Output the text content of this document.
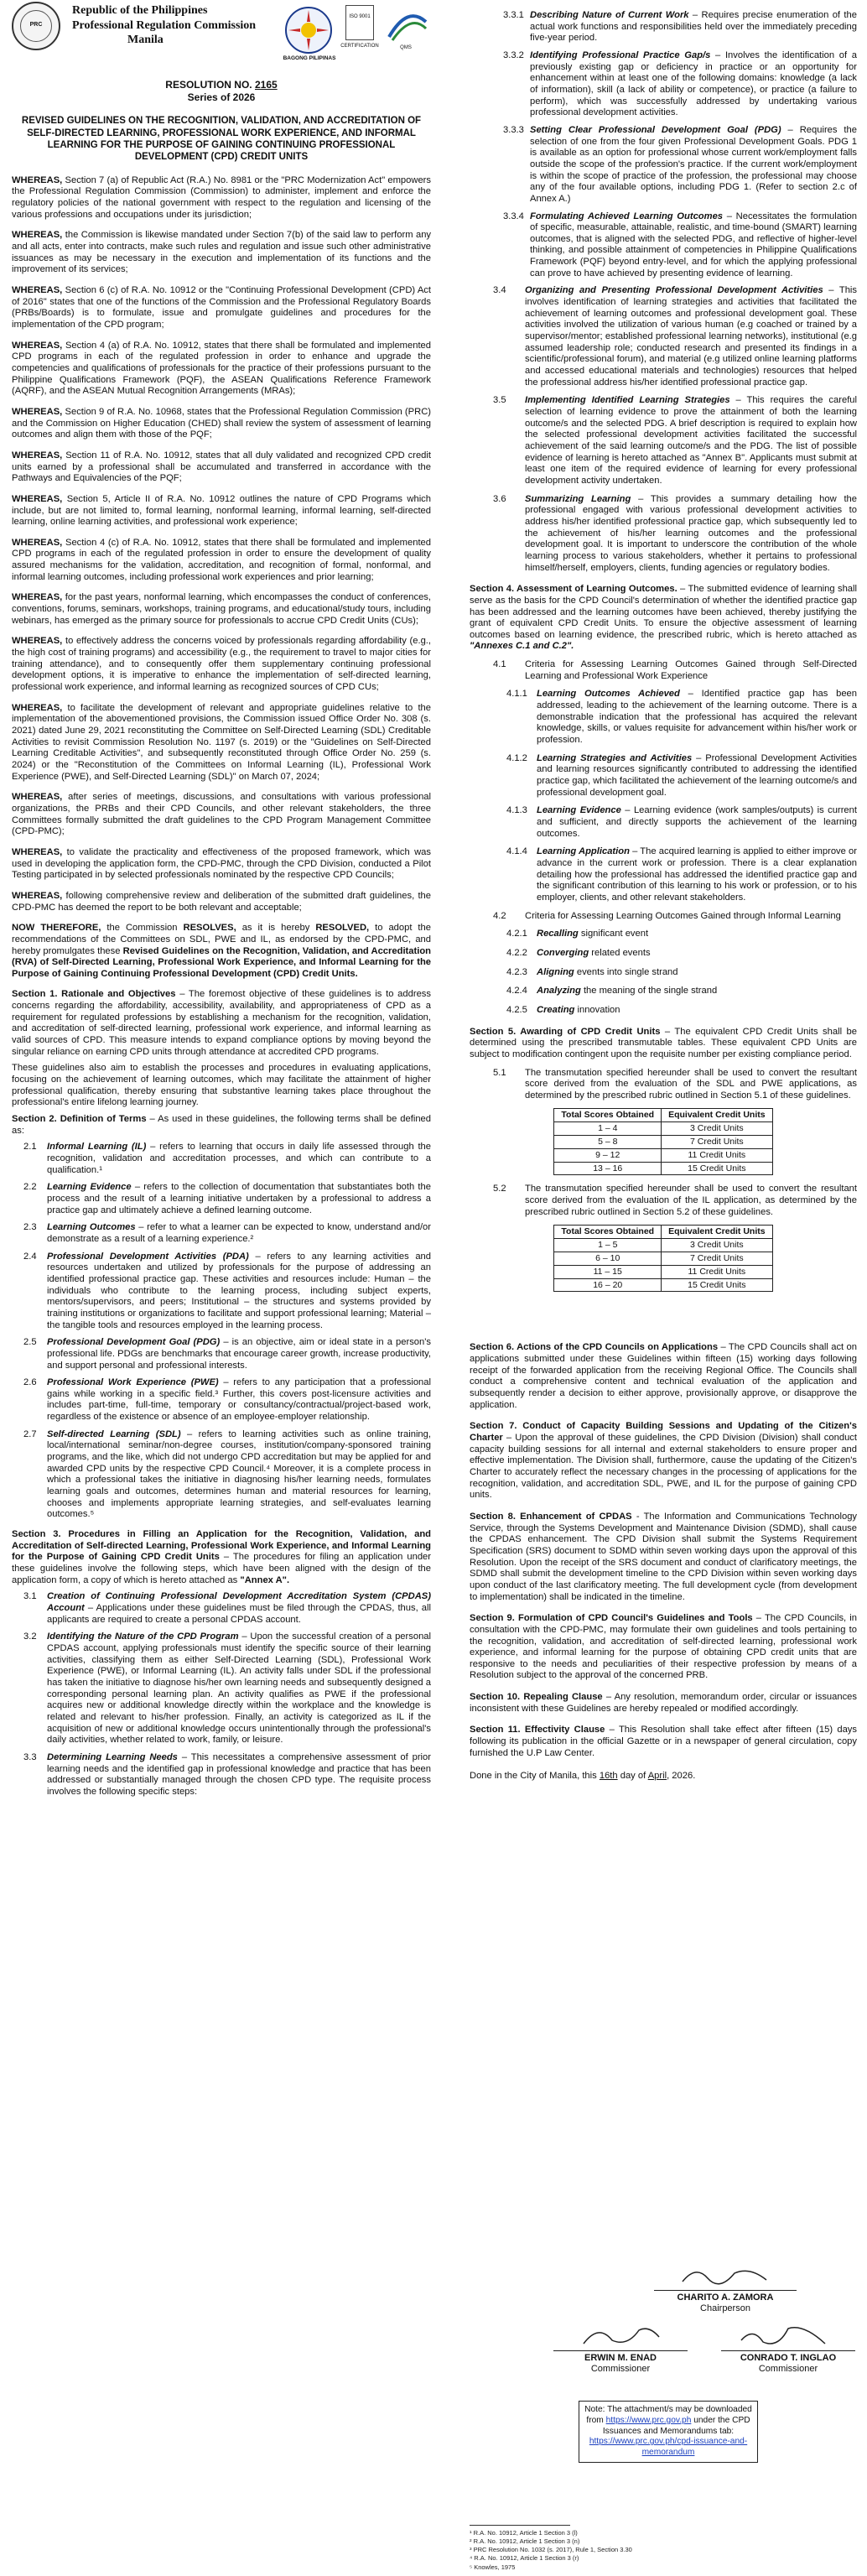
PRC
Republic of the Philippines
Professional Regulation Commission
Manila
BAGONG PILIPINAS
ISO 9001
CERTIFICATION	QMS
RESOLUTION NO. 2165
Series of 2026
REVISED GUIDELINES ON THE RECOGNITION, VALIDATION, AND ACCREDITATION OF SELF-DIRECTED LEARNING, PROFESSIONAL WORK EXPERIENCE, AND INFORMAL LEARNING FOR THE PURPOSE OF GAINING CONTINUING PROFESSIONAL DEVELOPMENT (CPD) CREDIT UNITS

WHEREAS, Section 7 (a) of Republic Act (R.A.) No. 8981 or the "PRC Modernization Act" empowers the Professional Regulation Commission (Commission) to administer, implement and enforce the regulatory policies of the national government with respect to the regulation and licensing of the various professions and occupations under its jurisdiction;

WHEREAS, the Commission is likewise mandated under Section 7(b) of the said law to perform any and all acts, enter into contracts, make such rules and regulation and issue such other administrative issuances as may be necessary in the execution and implementation of its functions and the improvement of its services;

WHEREAS, Section 6 (c) of R.A. No. 10912 or the "Continuing Professional Development (CPD) Act of 2016" states that one of the functions of the Commission and the Professional Regulatory Boards (PRBs/Boards) is to formulate, issue and promulgate guidelines and procedures for the implementation of the CPD program;

WHEREAS, Section 4 (a) of R.A. No. 10912, states that there shall be formulated and implemented CPD programs in each of the regulated profession in order to enhance and upgrade the competencies and qualifications of professionals for the practice of their professions pursuant to the Philippine Qualifications Framework (PQF), the ASEAN Qualifications Reference Framework (AQRF), and the ASEAN Mutual Recognition Arrangements (MRAs);

WHEREAS, Section 9 of R.A. No. 10968, states that the Professional Regulation Commission (PRC) and the Commission on Higher Education (CHED) shall review the system of assessment of learning outcomes and align them with those of the PQF;

WHEREAS, Section 11 of R.A. No. 10912, states that all duly validated and recognized CPD credit units earned by a professional shall be accumulated and transferred in accordance with the Pathways and Equivalencies of the PQF;

WHEREAS, Section 5, Article II of R.A. No. 10912 outlines the nature of CPD Programs which include, but are not limited to, formal learning, nonformal learning, informal learning, self-directed learning, online learning activities, and professional work experience;

WHEREAS, Section 4 (c) of R.A. No. 10912, states that there shall be formulated and implemented CPD programs in each of the regulated profession in order to ensure the development of quality assured mechanisms for the validation, accreditation, and recognition of formal, nonformal, and informal learning outcomes, including professional work experiences and prior learning;

WHEREAS, for the past years, nonformal learning, which encompasses the conduct of conferences, conventions, forums, seminars, workshops, training programs, and educational/study tours, including webinars, has emerged as the primary source for professionals to accrue CPD Credit Units (CUs);

WHEREAS, to effectively address the concerns voiced by professionals regarding affordability (e.g., the high cost of training programs) and accessibility (e.g., the requirement to travel to major cities for training attendance), and to consequently offer them supplementary continuing professional development options, it is imperative to enhance the implementation of self-directed learning, professional work experience, and informal learning as recognized sources of CPD CUs;

WHEREAS, to facilitate the development of relevant and appropriate guidelines relative to the implementation of the abovementioned provisions, the Commission issued Office Order No. 308 (s. 2021) dated June 29, 2021 reconstituting the Committee on Self-Directed Learning (SDL) Creditable Activities to revisit Commission Resolution No. 1197 (s. 2019) or the "Guidelines on Self-Directed Learning Creditable Activities", and subsequently reconstituted through Office Order No. 259 (s. 2024) or the "Reconstitution of the Committees on Informal Learning (IL), Professional Work Experience (PWE), and Self-Directed Learning (SDL)" on March 07, 2024;

WHEREAS, after series of meetings, discussions, and consultations with various professional organizations, the PRBs and their CPD Councils, and other relevant stakeholders, the three Committees formally submitted the draft guidelines to the CPD Program Management Committee (CPD-PMC);

WHEREAS, to validate the practicality and effectiveness of the proposed framework, which was used in developing the application form, the CPD-PMC, through the CPD Division, conducted a Pilot Testing participated in by selected professionals nominated by the respective CPD Councils;

WHEREAS, following comprehensive review and deliberation of the submitted draft guidelines, the CPD-PMC has deemed the report to be both relevant and acceptable;

NOW THEREFORE, the Commission RESOLVES, as it is hereby RESOLVED, to adopt the recommendations of the Committees on SDL, PWE and IL, as endorsed by the CPD-PMC, and hereby promulgates these Revised Guidelines on the Recognition, Validation, and Accreditation (RVA) of Self-Directed Learning, Professional Work Experience, and Informal Learning for the Purpose of Gaining Continuing Professional Development (CPD) Credit Units.

Section 1. Rationale and Objectives – The foremost objective of these guidelines is to address concerns regarding the affordability, accessibility, availability, and appropriateness of CPD as a requirement for regulated professions by establishing a mechanism for the recognition, validation, and accreditation of self-directed learning, professional work experience, and informal learning as valid sources of CPD. This measure intends to expand compliance options by moving beyond the singular reliance on earning CPD units through attendance at accredited CPD programs.

These guidelines also aim to establish the processes and procedures in evaluating applications, focusing on the achievement of learning outcomes, which may facilitate the attainment of higher professional qualification, thereby ensuring that substantive learning takes place throughout the professional's entire lifelong learning journey.

Section 2. Definition of Terms – As used in these guidelines, the following terms shall be defined as:

2.1 Informal Learning (IL) – refers to learning that occurs in daily life assessed through the recognition, validation and accreditation processes, and which can contribute to a qualification.¹
2.2 Learning Evidence – refers to the collection of documentation that substantiates both the process and the result of a learning initiative undertaken by a professional to address a practice gap and ultimately achieve a defined learning outcome.
2.3 Learning Outcomes – refer to what a learner can be expected to know, understand and/or demonstrate as a result of a learning experience.²
2.4 Professional Development Activities (PDA) – refers to any learning activities and resources undertaken and utilized by professionals for the purpose of addressing an identified professional practice gap. These activities and resources include: Human – the individuals who contribute to the learning process, including subject experts, mentors/supervisors, and peers; Institutional – the structures and systems provided by training institutions or organizations to facilitate and support professional learning; Material – the tangible tools and resources employed in the learning process.
2.5 Professional Development Goal (PDG) – is an objective, aim or ideal state in a person's professional life. PDGs are benchmarks that encourage career growth, increase productivity, and support personal and professional interests.
2.6 Professional Work Experience (PWE) – refers to any participation that a professional gains while working in a specific field.³ Further, this covers post-licensure activities and includes part-time, full-time, temporary or consultancy/contractual/project-based work, regardless of the existence or absence of an employee-employer relationship.
2.7 Self-directed Learning (SDL) – refers to learning activities such as online training, local/international seminar/non-degree courses, institution/company-sponsored training programs, and the like, which did not undergo CPD accreditation but may be applied for and awarded CPD units by the respective CPD Council.⁴ Moreover, it is a complete process in which a professional takes the initiative in diagnosing his/her learning needs, formulates learning goals and outcomes, determines human and material resources for learning, chooses and implements appropriate learning strategies, and self-evaluates learning outcomes.⁵

Section 3. Procedures in Filling an Application for the Recognition, Validation, and Accreditation of Self-directed Learning, Professional Work Experience, and Informal Learning for the Purpose of Gaining CPD Credit Units – The procedures for filing an application under these guidelines involve the following steps, which have been aligned with the design of the application form, a copy of which is hereto attached as "Annex A".

3.1 Creation of Continuing Professional Development Accreditation System (CPDAS) Account – Applications under these guidelines must be filed through the CPDAS, thus, all applicants are required to create a personal CPDAS account.
3.2 Identifying the Nature of the CPD Program – Upon the successful creation of a personal CPDAS account, applying professionals must identify the specific source of their learning activities, classifying them as either Self-Directed Learning (SDL), Professional Work Experience (PWE), or Informal Learning (IL). An activity falls under SDL if the professional has taken the initiative to diagnose his/her own learning needs and subsequently designed a corresponding personal learning plan. An activity qualifies as PWE if the professional acquires new or additional knowledge directly within the workplace and the knowledge is related and relevant to his/her profession. Finally, an activity is categorized as IL if the acquisition of new or additional knowledge occurs unintentionally through the professional's daily activities, whether related to work, family, or leisure.
3.3 Determining Learning Needs – This necessitates a comprehensive assessment of prior learning needs and the identified gap in professional knowledge and practice that has been addressed or substantially managed through the chosen CPD type. The requisite process involves the following specific steps:
3.3.1 Describing Nature of Current Work – Requires precise enumeration of the actual work functions and responsibilities held over the immediately preceding five-year period.
3.3.2 Identifying Professional Practice Gap/s – Involves the identification of a previously existing gap or deficiency in practice or an opportunity for enhancement within at least one of the following domains: knowledge (a lack of information), skill (a lack of ability or competence), or practice (a failure to perform), which was successfully addressed by undertaking various professional development activities.
3.3.3 Setting Clear Professional Development Goal (PDG) – Requires the selection of one from the four given Professional Development Goals. PDG 1 is available as an option for professional whose current work/employment falls outside the scope of the profession's practice. If the current work/employment is within the scope of practice of the profession, the professional may choose any of the four available options, including PDG 1. (Refer to section 2.c of Annex A.)
3.3.4 Formulating Achieved Learning Outcomes – Necessitates the formulation of specific, measurable, attainable, realistic, and time-bound (SMART) learning outcomes, that is aligned with the selected PDG, and reflective of higher-level thinking, and possible attainment of competencies in Philippine Qualifications Framework (PQF) beyond entry-level, and for which the applying professional can prove to have achieved by presenting evidence of learning.
3.4 Organizing and Presenting Professional Development Activities – This involves identification of learning strategies and activities that facilitated the achievement of learning outcomes and professional development goal. These activities involved the utilization of various human (e.g coached or trained by a supervisor/mentor; established professional learning networks), institutional (e.g assumed leadership role; conducted research and presented its findings in a scientific/professional forum), and material (e.g utilized online learning platforms and accessed educational materials and technologies) resources that helped the professional address his/her identified professional practice gap.
3.5 Implementing Identified Learning Strategies – This requires the careful selection of learning evidence to prove the attainment of both the learning outcome/s and the selected PDG. A brief description is required to explain how the selected professional development activities facilitated the successful achievement of the said learning outcome/s and the PDG. The list of possible evidence of learning is hereto attached as "Annex B". Applicants must submit at least one item of the required evidence of learning for every professional development activity undertaken.
3.6 Summarizing Learning – This provides a summary detailing how the professional engaged with various professional development activities to address his/her identified professional practice gap, which subsequently led to the achievement of his/her learning outcomes and the professional development goal. It is important to underscore the contribution of the whole learning process to various stakeholders, whether it pertains to professional himself/herself, employers, clients, funding agencies or regulatory bodies.

Section 4. Assessment of Learning Outcomes. – The submitted evidence of learning shall serve as the basis for the CPD Council's determination of whether the identified practice gap has been addressed and the learning outcomes have been achieved, thereby justifying the grant of equivalent CPD Credit Units. To ensure the objective assessment of learning outcomes based on learning evidence, the prescribed rubric, which is hereto attached as "Annexes C.1 and C.2".

4.1 Criteria for Assessing Learning Outcomes Gained through Self-Directed Learning and Professional Work Experience
4.1.1 Learning Outcomes Achieved – Identified practice gap has been addressed, leading to the achievement of the learning outcome. There is a demonstrable indication that the professional has acquired the relevant knowledge, skills, or values requisite for advancement within his/her work or profession.
4.1.2 Learning Strategies and Activities – Professional Development Activities and learning resources significantly contributed to addressing the identified practice gap, which facilitated the achievement of the learning outcome/s and professional development goal.
4.1.3 Learning Evidence – Learning evidence (work samples/outputs) is current and sufficient, and directly supports the achievement of the learning outcomes.
4.1.4 Learning Application – The acquired learning is applied to either improve or advance in the current work or profession. There is a clear explanation detailing how the professional has addressed the identified practice gap and the significant contribution of this learning to his work or profession, or to his employer, clients, and other relevant stakeholders.
4.2 Criteria for Assessing Learning Outcomes Gained through Informal Learning
4.2.1 Recalling significant event
4.2.2 Converging related events
4.2.3 Aligning events into single strand
4.2.4 Analyzing the meaning of the single strand
4.2.5 Creating innovation

Section 5. Awarding of CPD Credit Units – The equivalent CPD Credit Units shall be determined using the prescribed transmutable tables. These equivalent CPD Units are subject to modification contingent upon the requisite number per existing compliance period.

5.1 The transmutation specified hereunder shall be used to convert the resultant score derived from the evaluation of the SDL and PWE applications, as determined by the prescribed rubric outlined in Section 5.1 of these guidelines.
Total Scores Obtained	Equivalent Credit Units
1 – 4	3 Credit Units
5 – 8	7 Credit Units
9 – 12	11 Credit Units
13 – 16	15 Credit Units
5.2 The transmutation specified hereunder shall be used to convert the resultant score derived from the evaluation of the IL application, as determined by the prescribed rubric outlined in Section 5.2 of these guidelines.
Total Scores Obtained	Equivalent Credit Units
1 – 5	3 Credit Units
6 – 10	7 Credit Units
11 – 15	11 Credit Units
16 – 20	15 Credit Units

Section 6. Actions of the CPD Councils on Applications – The CPD Councils shall act on applications submitted under these Guidelines within fifteen (15) working days following receipt of the forwarded application from the receiving Regional Office. The Councils shall conduct a comprehensive content and technical evaluation of the application and subsequently render a decision to either approve, provisionally approve, or disapprove the application.

Section 7. Conduct of Capacity Building Sessions and Updating of the Citizen's Charter – Upon the approval of these guidelines, the CPD Division (Division) shall conduct capacity building sessions for all internal and external stakeholders to ensure proper and effective implementation. The Division shall, furthermore, cause the updating of the Citizen's Charter to accurately reflect the necessary changes in the processing of applications for the recognition, validation, and accreditation SDL, PWE, and IL for the purpose of gaining CPD units.

Section 8. Enhancement of CPDAS - The Information and Communications Technology Service, through the Systems Development and Maintenance Division (SDMD), shall cause the CPDAS enhancement. The CPD Division shall submit the Systems Requirement Specification (SRS) document to SDMD within seven working days upon the approval of this Resolution. Upon the receipt of the SRS document and conduct of clarificatory meetings, the SDMD shall submit the development timeline to the CPD Division within seven working days upon conduct of the last clarificatory meeting. The full development cycle (from development to implementation) shall be indicated in the timeline.

Section 9. Formulation of CPD Council's Guidelines and Tools – The CPD Councils, in consultation with the CPD-PMC, may formulate their own guidelines and tools pertaining to the recognition, validation, and accreditation of self-directed learning, professional work experience, and informal learning for the purpose of obtaining CPD credit units that are responsive to the needs and peculiarities of their respective profession by means of a Resolution subject to the approval of the concerned PRB.

Section 10. Repealing Clause – Any resolution, memorandum order, circular or issuances inconsistent with these Guidelines are hereby repealed or modified accordingly.

Section 11. Effectivity Clause – This Resolution shall take effect after fifteen (15) days following its publication in the official Gazette or in a newspaper of general circulation, copy furnished the U.P Law Center.

Done in the City of Manila, this 16th day of April, 2026.

CHARITO A. ZAMORA
Chairperson
ERWIN M. ENAD
Commissioner
CONRADO T. INGLAO
Commissioner
Note: The attachment/s may be downloaded from https://www.prc.gov.ph under the CPD Issuances and Memorandums tab:
https://www.prc.gov.ph/cpd-issuance-and-memorandum
¹ R.A. No. 10912, Article 1 Section 3 (l)
² R.A. No. 10912, Article 1 Section 3 (n)
³ PRC Resolution No. 1032 (s. 2017), Rule 1, Section 3.30
⁴ R.A. No. 10912, Article 1 Section 3 (r)
⁵ Knowles, 1975
